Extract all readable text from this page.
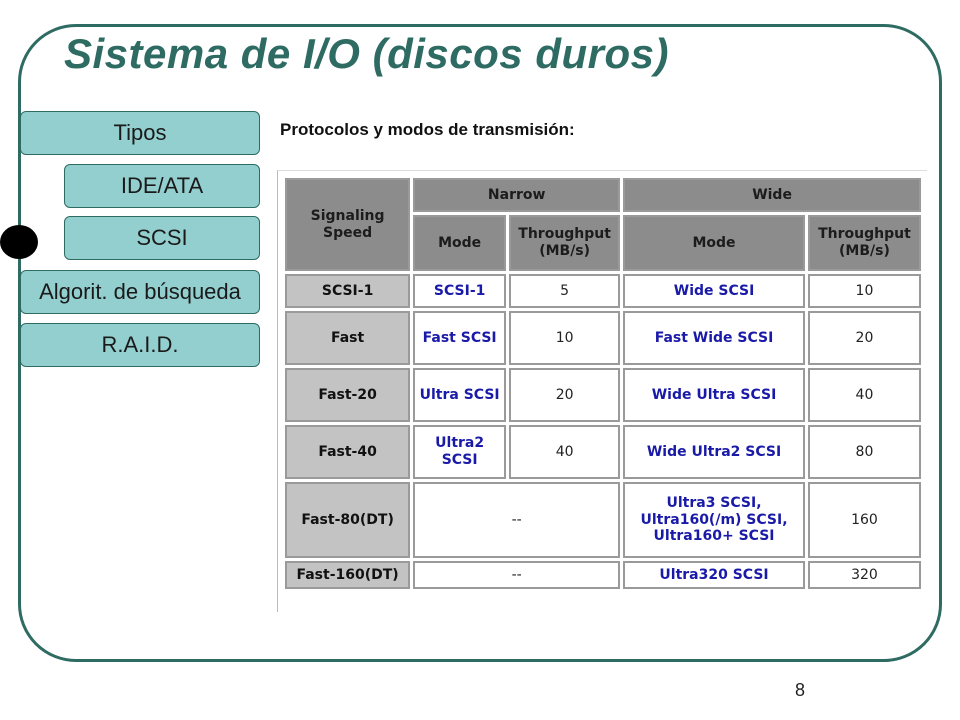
Sistema de I/O (discos duros)
Tipos
IDE/ATA
SCSI
Algorit. de búsqueda
R.A.I.D.
Protocolos y modos de transmisión:
Signaling Speed	Narrow		Wide	
	Mode	Throughput (MB/s)	Mode	Throughput (MB/s)
SCSI-1	SCSI-1	5	Wide SCSI	10
Fast	Fast SCSI	10	Fast Wide SCSI	20
Fast-20	Ultra SCSI	20	Wide Ultra SCSI	40
Fast-40	Ultra2 SCSI	40	Wide Ultra2 SCSI	80
Fast-80(DT)	--		Ultra3 SCSI, Ultra160(/m) SCSI, Ultra160+ SCSI	160
Fast-160(DT)	--		Ultra320 SCSI	320
8
